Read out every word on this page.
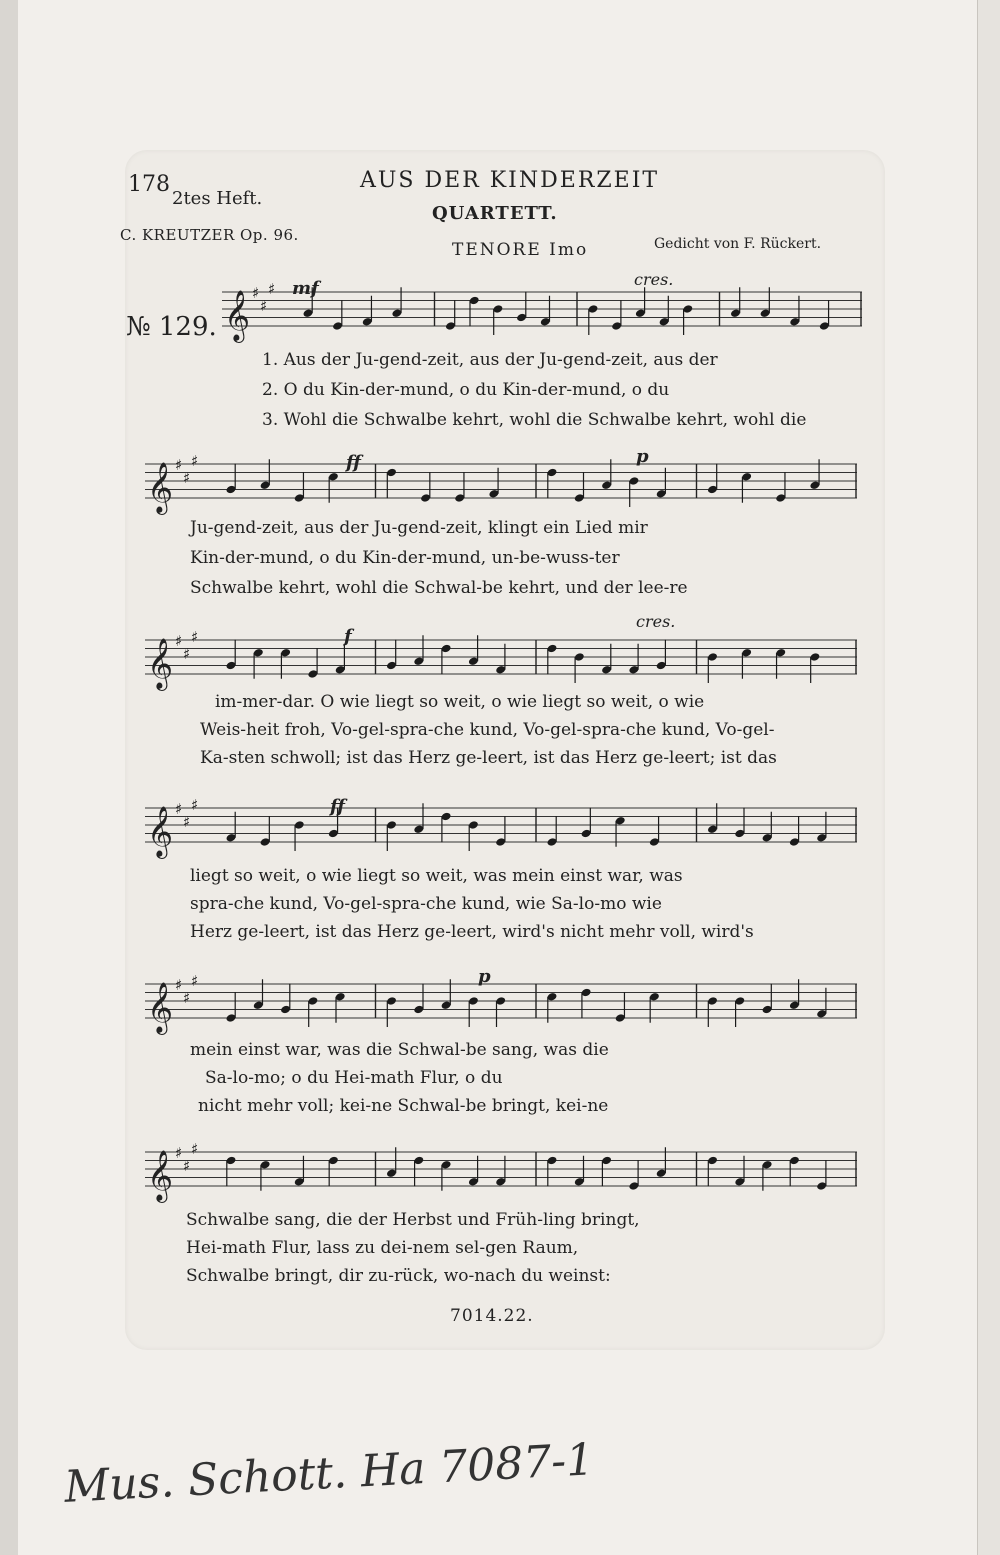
178
2tes Heft.
C. KREUTZER Op. 96.
AUS DER KINDERZEIT
QUARTETT.
TENORE Imo	Gedicht von F. Rückert.
№ 129. 𝄞 ♯
♯
♯ mf	cres.
1. Aus der Ju-gend-zeit, aus der Ju-gend-zeit, aus der
2. O du Kin-der-mund, o du Kin-der-mund, o du
3. Wohl die Schwalbe kehrt, wohl die Schwalbe kehrt, wohl die
𝄞 ♯
♯
♯	ff	p
Ju-gend-zeit, aus der Ju-gend-zeit, klingt ein Lied mir
Kin-der-mund, o du Kin-der-mund, un-be-wuss-ter
Schwalbe kehrt, wohl die Schwal-be kehrt, und der lee-re
𝄞 ♯
♯
♯	f
cres.
im-mer-dar. O wie liegt so weit, o wie liegt so weit, o wie
Weis-heit froh, Vo-gel-spra-che kund, Vo-gel-spra-che kund, Vo-gel-
Ka-sten schwoll; ist das Herz ge-leert, ist das Herz ge-leert; ist das
𝄞 ♯
♯
♯	ff
liegt so weit, o wie liegt so weit, was mein einst war, was
spra-che kund, Vo-gel-spra-che kund, wie Sa-lo-mo wie
Herz ge-leert, ist das Herz ge-leert, wird's nicht mehr voll, wird's
𝄞 ♯
♯
♯	p
mein einst war, was die Schwal-be sang, was die
Sa-lo-mo; o du Hei-math Flur, o du
nicht mehr voll; kei-ne Schwal-be bringt, kei-ne
𝄞 ♯
♯
♯
Schwalbe sang, die der Herbst und Früh-ling bringt,
Hei-math Flur, lass zu dei-nem sel-gen Raum,
Schwalbe bringt, dir zu-rück, wo-nach du weinst:
7014.22.
Mus. Schott. Ha 7087-1
